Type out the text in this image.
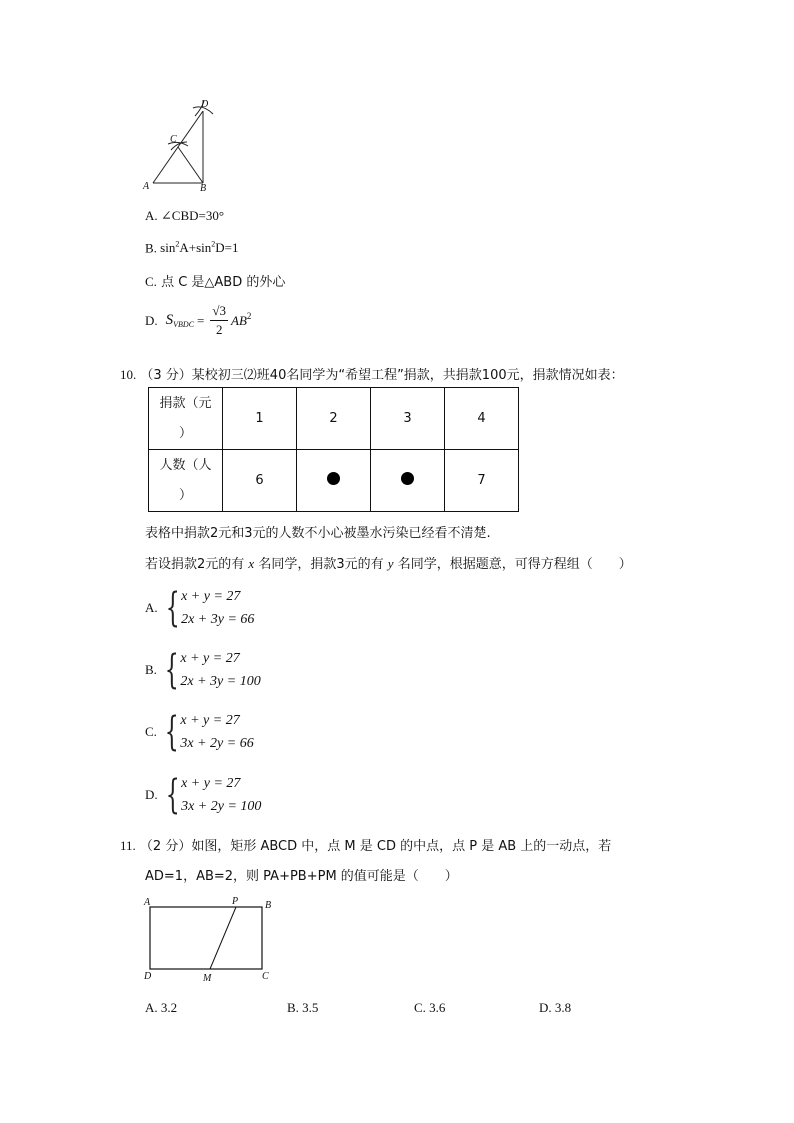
A	B
C
D
A. ∠CBD=30°
B. $\sin^2A+\sin^2D=1$
C. 点 C 是△ABD 的外心
D. $S_{VBDC} = \frac{√3}{2} AB^2$
10. （3 分）某校初三⑵班40名同学为“希望工程”捐款，共捐款100元，捐款情况如表：
捐款（元
）	1	2	3	4
人数（人
）	6			7
表格中捐款2元和3元的人数不小心被墨水污染已经看不清楚.
若设捐款2元的有 x 名同学，捐款3元的有 y 名同学，根据题意，可得方程组（　　）
A. { x + y = 27
2x + 3y = 66
B. { x + y = 27
2x + 3y = 100
C. { x + y = 27
3x + 2y = 66
D. { x + y = 27
3x + 2y = 100
11. （2 分）如图，矩形 ABCD 中，点 M 是 CD 的中点，点 P 是 AB 上的一动点，若
AD=1，AB=2，则 PA+PB+PM 的值可能是（　　）
A	P	B
D	M	C
A. 3.2	B. 3.5	C. 3.6	D. 3.8
